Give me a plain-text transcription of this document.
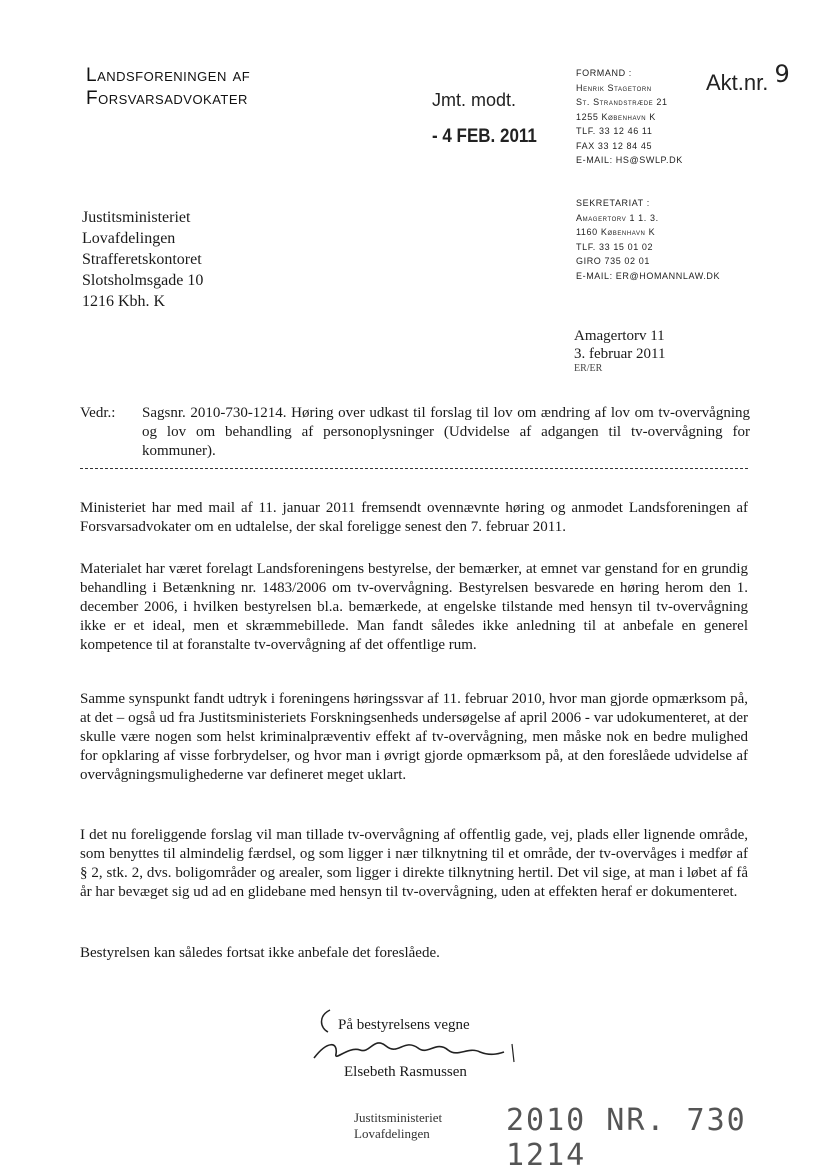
Landsforeningen af
Forsvarsadvokater	Jmt. modt.
- 4 FEB. 2011
Akt.nr. 9
FORMAND :
Henrik Stagetorn
St. Strandstræde 21
1255 København K
TLF. 33 12 46 11
FAX 33 12 84 45
E-MAIL: HS@SWLP.DK
SEKRETARIAT :
Amagertorv 1 1. 3.
1160 København K
TLF. 33 15 01 02
GIRO 735 02 01
E-MAIL: ER@HOMANNLAW.DK
Justitsministeriet
Lovafdelingen
Strafferetskontoret
Slotsholmsgade 10
1216 Kbh. K
Amagertorv 11
3. februar 2011
ER/ER
Vedr.: Sagsnr. 2010-730-1214. Høring over udkast til forslag til lov om ændring af lov om tv-overvågning og lov om behandling af personoplysninger (Udvidelse af adgangen til tv-overvågning for kommuner).
Ministeriet har med mail af 11. januar 2011 fremsendt ovennævnte høring og anmodet Landsforeningen af Forsvarsadvokater om en udtalelse, der skal foreligge senest den 7. februar 2011.
Materialet har været forelagt Landsforeningens bestyrelse, der bemærker, at emnet var genstand for en grundig behandling i Betænkning nr. 1483/2006 om tv-overvågning. Bestyrelsen besvarede en høring herom den 1. december 2006, i hvilken bestyrelsen bl.a. bemærkede, at engelske tilstande med hensyn til tv-overvågning ikke er et ideal, men et skræmmebillede. Man fandt således ikke anledning til at anbefale en generel kompetence til at foranstalte tv-overvågning af det offentlige rum.
Samme synspunkt fandt udtryk i foreningens høringssvar af 11. februar 2010, hvor man gjorde opmærksom på, at det – også ud fra Justitsministeriets Forskningsenheds undersøgelse af april 2006 - var udokumenteret, at der skulle være nogen som helst kriminalpræventiv effekt af tv-overvågning, men måske nok en bedre mulighed for opklaring af visse forbrydelser, og hvor man i øvrigt gjorde opmærksom på, at den foreslåede udvidelse af overvågningsmulighederne var defineret meget uklart.
I det nu foreliggende forslag vil man tillade tv-overvågning af offentlig gade, vej, plads eller lignende område, som benyttes til almindelig færdsel, og som ligger i nær tilknytning til et område, der tv-overvåges i medfør af § 2, stk. 2, dvs. boligområder og arealer, som ligger i direkte tilknytning hertil. Det vil sige, at man i løbet af få år har bevæget sig ud ad en glidebane med hensyn til tv-overvågning, uden at effekten heraf er dokumenteret.
Bestyrelsen kan således fortsat ikke anbefale det foreslåede.
På bestyrelsens vegne
Elsebeth Rasmussen
Justitsministeriet
Lovafdelingen	2010 NR. 730 1214
